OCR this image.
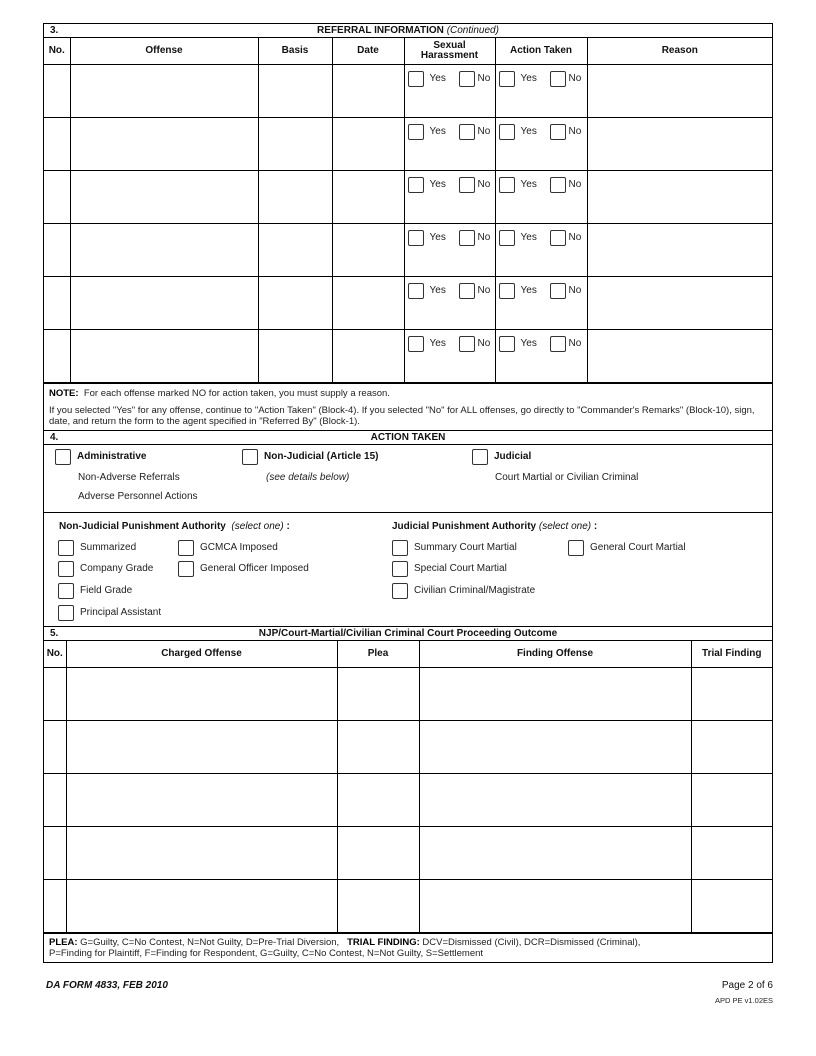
3.	REFERRAL INFORMATION (Continued)
No.	Offense	Basis	Date	Sexual Harassment	Action Taken	Reason

				Yes No	Yes No	

				Yes No	Yes No	

				Yes No	Yes No	

				Yes No	Yes No	

				Yes No	Yes No	

				Yes No	Yes No	

NOTE: For each offense marked NO for action taken, you must supply a reason.

If you selected "Yes" for any offense, continue to "Action Taken" (Block-4). If you selected "No" for ALL offenses, go directly to "Commander's Remarks" (Block-10), sign, date, and return the form to the agent specified in "Referred By" (Block-1).

4.	ACTION TAKEN
Administrative
Non-Adverse Referrals
Adverse Personnel Actions
Non-Judicial (Article 15)
(see details below)
Judicial
Court Martial or Civilian Criminal
Non-Judicial Punishment Authority (select one) :	Judicial Punishment Authority (select one) :
Summarized	GCMCA Imposed
Company Grade	General Officer Imposed
Field Grade
Principal Assistant
Summary Court Martial	General Court Martial
Special Court Martial
Civilian Criminal/Magistrate
5.	NJP/Court-Martial/Civilian Criminal Court Proceeding Outcome
No.	Charged Offense	Plea	Finding Offense	Trial Finding

PLEA: G=Guilty, C=No Contest, N=Not Guilty, D=Pre-Trial Diversion, TRIAL FINDING: DCV=Dismissed (Civil), DCR=Dismissed (Criminal),
P=Finding for Plaintiff, F=Finding for Respondent, G=Guilty, C=No Contest, N=Not Guilty, S=Settlement
DA FORM 4833, FEB 2010	Page 2 of 6
APD PE v1.02ES
